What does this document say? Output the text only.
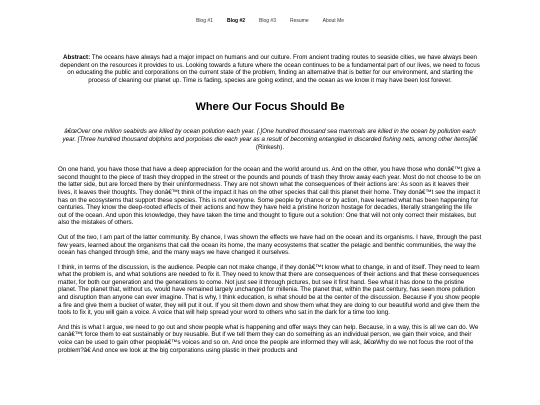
Blog #1	Blog #2	Blog #3	Resume	About Me

Abstract: The oceans have always had a major impact on humans and our culture. From ancient trading routes to seaside cities, we have always been dependent on the resources it provides to us. Looking towards a future where the ocean continues to be a fundamental part of our lives, we need to focus on educating the public and corporations on the current state of the problem, finding an alternative that is better for our environment, and starting the process of cleaning our planet up. Time is fading, species are going extinct, and the ocean as we know it may have been lost forever.

Where Our Focus Should Be

â€œOver one million seabirds are killed by ocean pollution each year. [.]One hundred thousand sea mammals are killed in the ocean by pollution each year. [Three hundred thousand dolphins and porpoises die each year as a result of becoming entangled in discarded fishing nets, among other items]â€ (Rinkesh).

On one hand, you have those that have a deep appreciation for the ocean and the world around us. And on the other, you have those who donâ€™t give a second thought to the piece of trash they dropped in the street or the pounds and pounds of trash they throw away each year. Most do not choose to be on the latter side, but are forced there by their uninformedness. They are not shown what the consequences of their actions are: As soon as it leaves their lives, it leaves their thoughts. They donâ€™t think of the impact it has on the other species that call this planet their home. They donâ€™t see the impact it has on the ecosystems that support these species. This is not everyone. Some people by chance or by action, have learned what has been happening for centuries. They know the deep-rooted effects of their actions and how they have held a pristine horizon hostage for decades, literally strangeling the life out of the ocean. And upon this knowledge, they have taken the time and thought to figure out a solution: One that will not only correct their mistakes, but also the mistakes of others.

Out of the two, I am part of the latter community. By chance, I was shown the effects we have had on the ocean and its organisms. I have, through the past few years, learned about the organisms that call the ocean its home, the many ecosystems that scatter the pelagic and benthic communities, the way the ocean has changed through time, and the many ways we have changed it ourselves.

I think, in terms of the discussion, is the audience. People can not make change, if they donâ€™t know what to change, in and of itself. They need to learn what the problem is, and what solutions are needed to fix it. They need to know that there are consequences of their actions and that these consequences matter, for both our generation and the generations to come. Not just see it through pictures, but see it first hand. See what it has done to the pristine planet. The planet that, without us, would have remained largely unchanged for millenia. The planet that, within the past century, has seen more pollution and disruption than anyone can ever imagine. That is why, I think education, is what should be at the center of the discussion. Because if you show people a fire and give them a bucket of water, they will put it out. If you sit them down and show them what they are doing to our beautiful world and give them the tools to fix it, you will gain a voice. A voice that will help spread your word to others who sat in the dark for a time too long.

And this is what I argue, we need to go out and show people what is happening and offer ways they can help. Because, in a way, this is all we can do. We canâ€™t force them to eat sustainably or buy reusable. But if we tell them they can do something as an individual person, we gain their voice, and their voice can be used to gain other peopleâ€™s voices and so on. And once the people are informed they will ask, â€œWhy do we not focus the root of the problem?â€ And once we look at the big corporations using plastic in their products and
